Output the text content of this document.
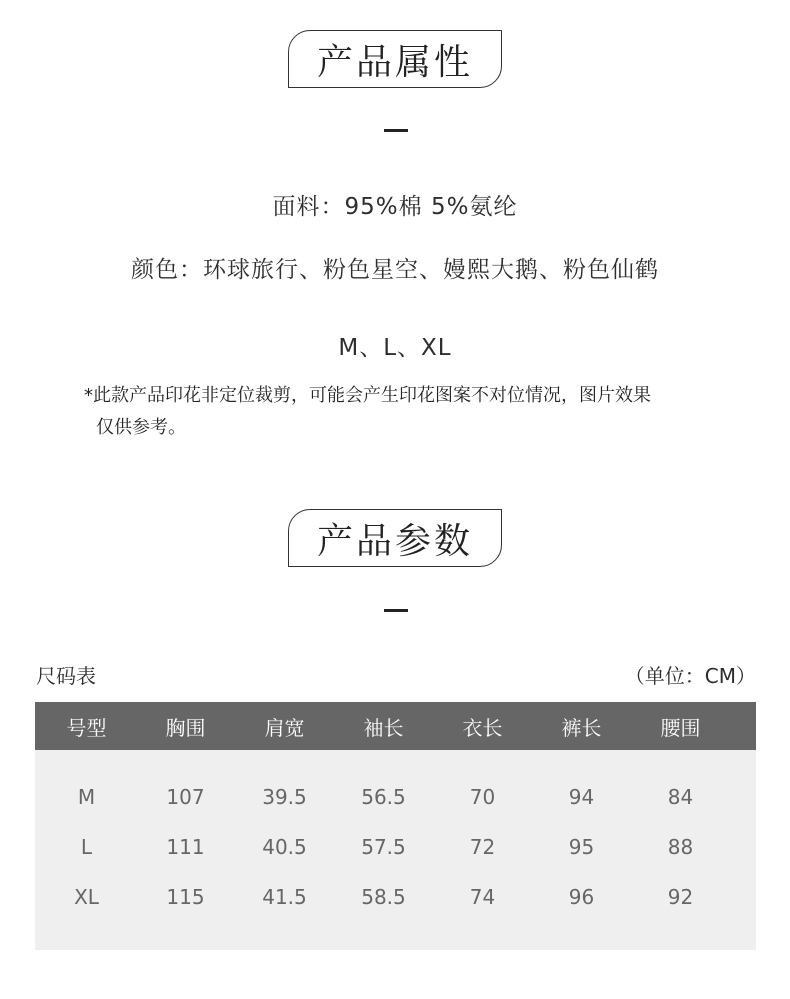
产品属性
面料：95%棉 5%氨纶
颜色：环球旅行、粉色星空、嫚熙大鹅、粉色仙鹤
M、L、XL
*此款产品印花非定位裁剪，可能会产生印花图案不对位情况，图片效果
仅供参考。
产品参数
尺码表	（单位：CM）
号型	胸围	肩宽	袖长	衣长	裤长	腰围
M	107	39.5	56.5	70	94	84
L	111	40.5	57.5	72	95	88
XL	115	41.5	58.5	74	96	92
